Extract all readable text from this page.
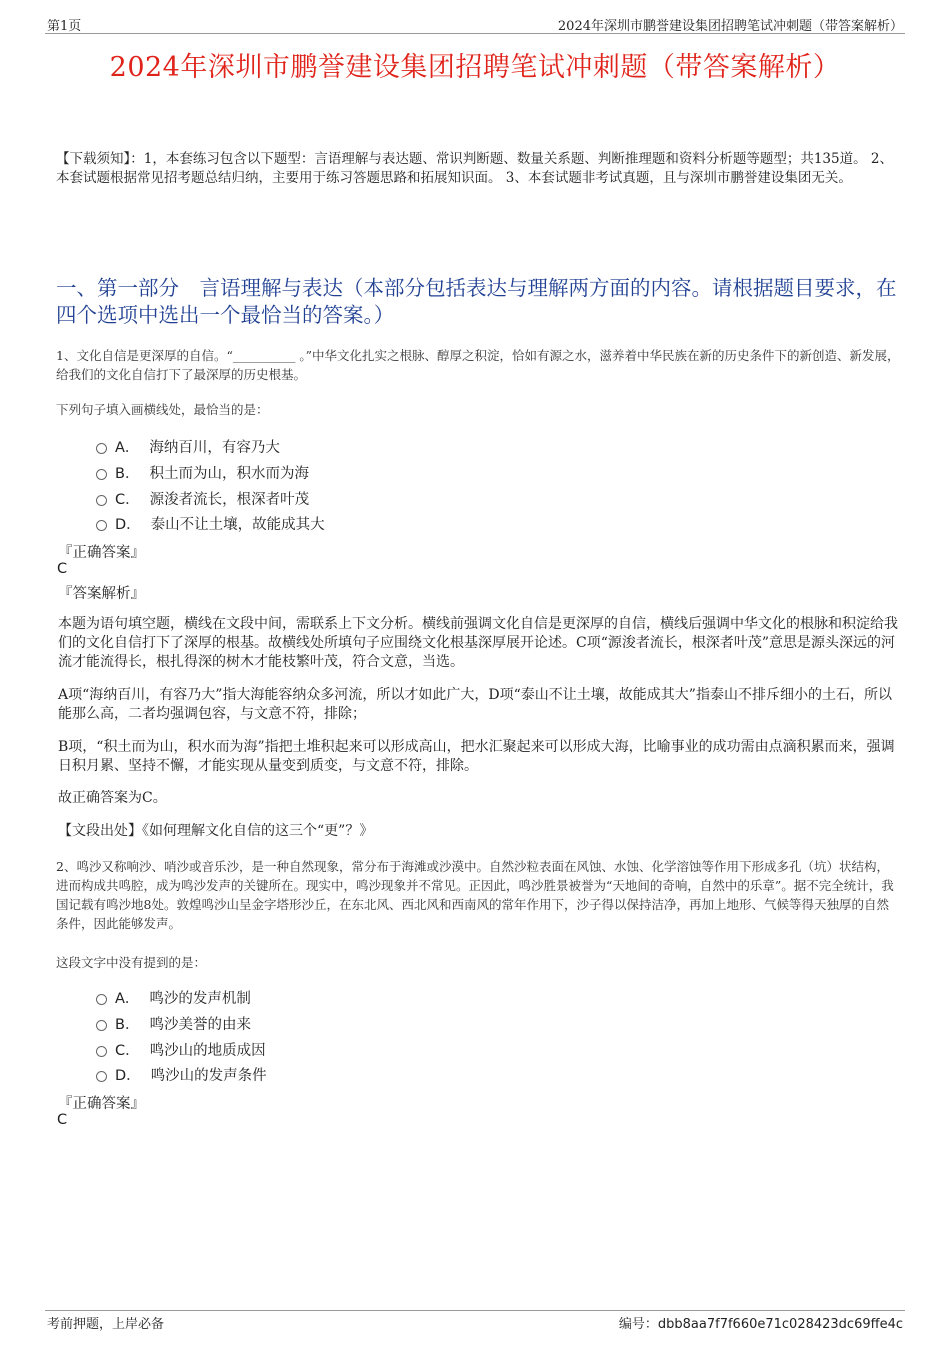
第1页	2024年深圳市鹏誉建设集团招聘笔试冲刺题（带答案解析）
2024年深圳市鹏誉建设集团招聘笔试冲刺题（带答案解析）
【下载须知】：1，本套练习包含以下题型：言语理解与表达题、常识判断题、数量关系题、判断推理题和资料分析题等题型；共135道。 2、本套试题根据常见招考题总结归纳，主要用于练习答题思路和拓展知识面。 3、本套试题非考试真题，且与深圳市鹏誉建设集团无关。
一、第一部分　言语理解与表达（本部分包括表达与理解两方面的内容。请根据题目要求，在四个选项中选出一个最恰当的答案。）
1、文化自信是更深厚的自信。“__________ 。”中华文化扎实之根脉、醇厚之积淀，恰如有源之水，滋养着中华民族在新的历史条件下的新创造、新发展，给我们的文化自信打下了最深厚的历史根基。
下列句子填入画横线处，最恰当的是：
A． 海纳百川，有容乃大
B． 积土而为山，积水而为海
C． 源浚者流长，根深者叶茂
D． 泰山不让土壤，故能成其大
『正确答案』
C
『答案解析』
本题为语句填空题，横线在文段中间，需联系上下文分析。横线前强调文化自信是更深厚的自信，横线后强调中华文化的根脉和积淀给我们的文化自信打下了深厚的根基。故横线处所填句子应围绕文化根基深厚展开论述。C项“源浚者流长，根深者叶茂”意思是源头深远的河流才能流得长，根扎得深的树木才能枝繁叶茂，符合文意，当选。
A项“海纳百川，有容乃大”指大海能容纳众多河流，所以才如此广大，D项“泰山不让土壤，故能成其大”指泰山不排斥细小的土石，所以能那么高，二者均强调包容，与文意不符，排除；
B项，“积土而为山，积水而为海”指把土堆积起来可以形成高山，把水汇聚起来可以形成大海，比喻事业的成功需由点滴积累而来，强调日积月累、坚持不懈，才能实现从量变到质变，与文意不符，排除。
故正确答案为C。
【文段出处】《如何理解文化自信的这三个“更”？》
2、鸣沙又称响沙、哨沙或音乐沙，是一种自然现象，常分布于海滩或沙漠中。自然沙粒表面在风蚀、水蚀、化学溶蚀等作用下形成多孔（坑）状结构，进而构成共鸣腔，成为鸣沙发声的关键所在。现实中，鸣沙现象并不常见。正因此，鸣沙胜景被誉为“天地间的奇响，自然中的乐章”。据不完全统计，我国记载有鸣沙地8处。敦煌鸣沙山呈金字塔形沙丘，在东北风、西北风和西南风的常年作用下，沙子得以保持洁净，再加上地形、气候等得天独厚的自然条件，因此能够发声。
这段文字中没有提到的是：
A． 鸣沙的发声机制
B． 鸣沙美誉的由来
C． 鸣沙山的地质成因
D． 鸣沙山的发声条件
『正确答案』
C
考前押题，上岸必备	编号：dbb8aa7f7f660e71c028423dc69ffe4c
